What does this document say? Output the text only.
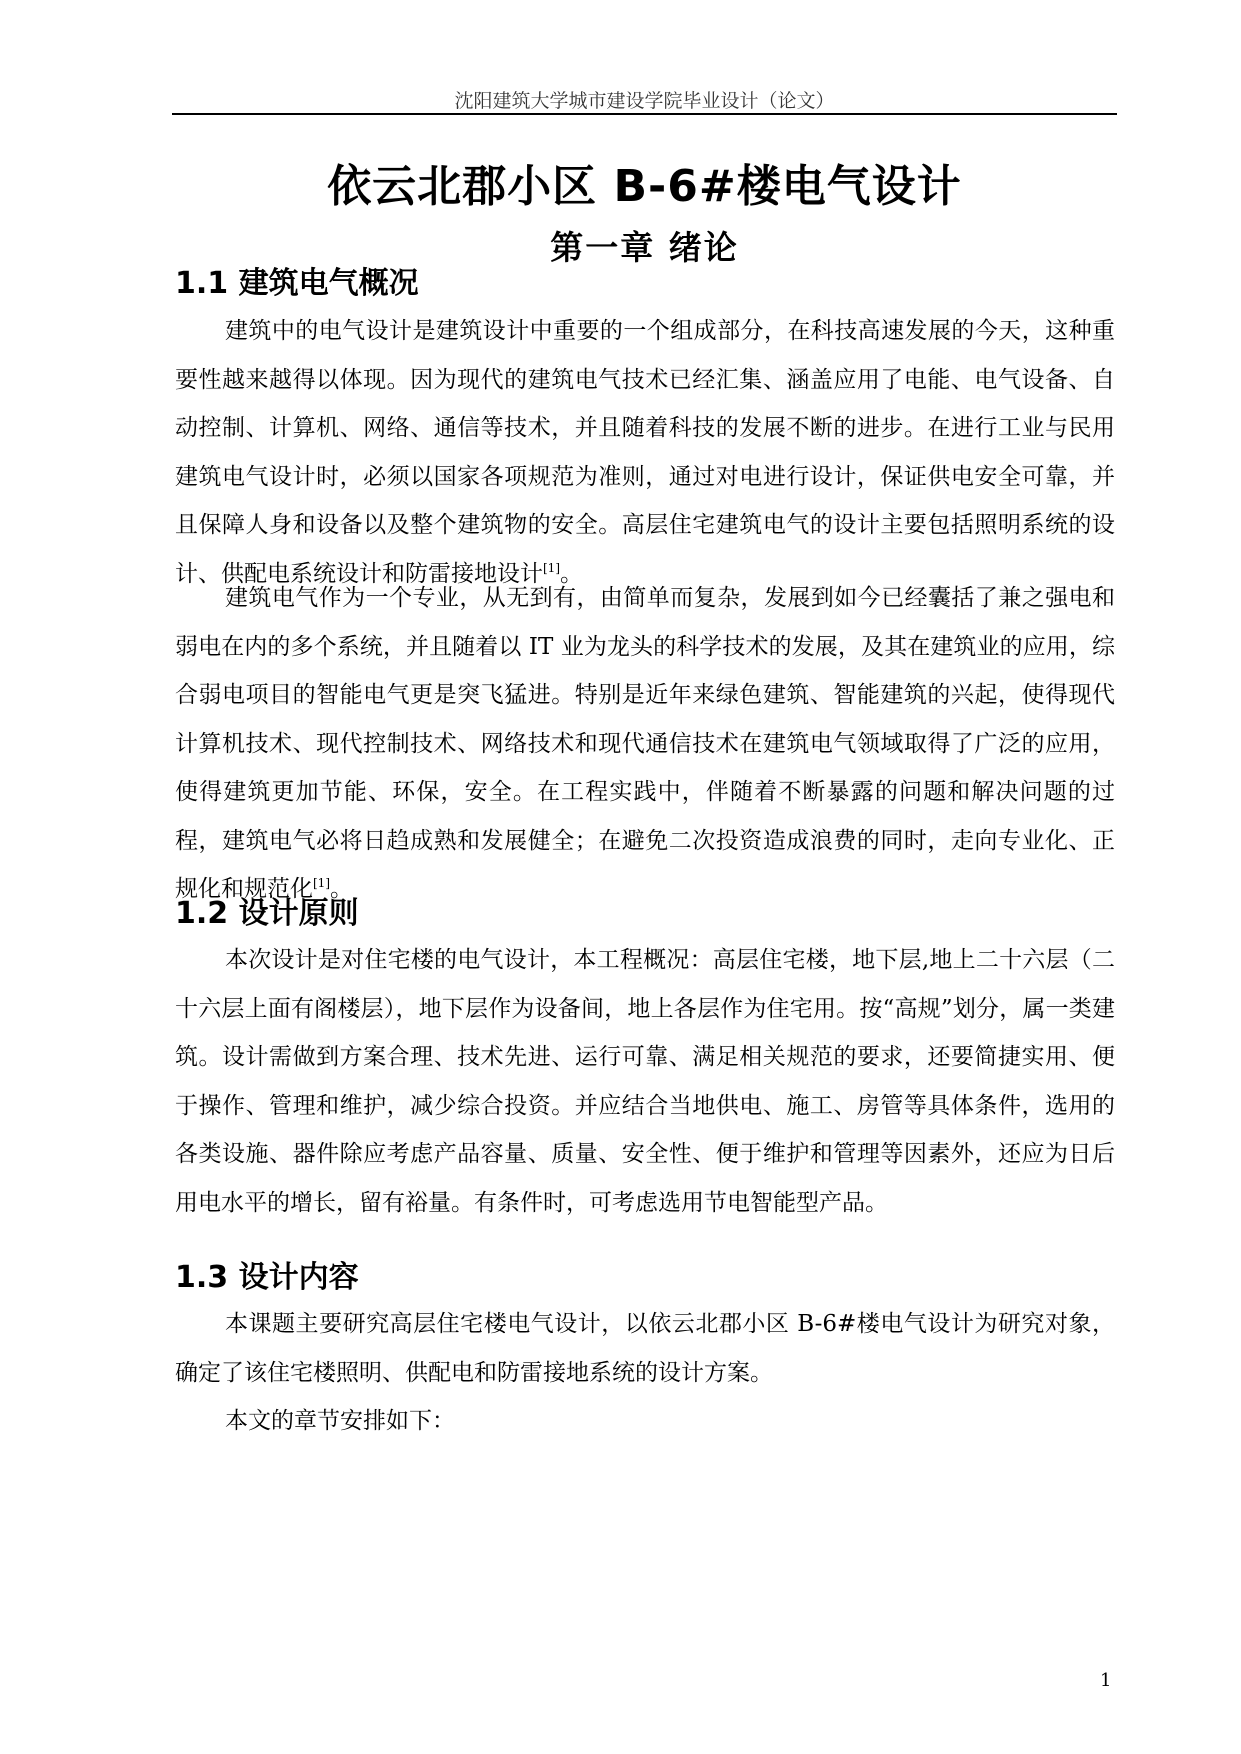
沈阳建筑大学城市建设学院毕业设计（论文）
依云北郡小区 B-6#楼电气设计
第一章 绪论
1.1 建筑电气概况

建筑中的电气设计是建筑设计中重要的一个组成部分，在科技高速发展的今天，这种重要性越来越得以体现。因为现代的建筑电气技术已经汇集、涵盖应用了电能、电气设备、自动控制、计算机、网络、通信等技术，并且随着科技的发展不断的进步。在进行工业与民用建筑电气设计时，必须以国家各项规范为准则，通过对电进行设计，保证供电安全可靠，并且保障人身和设备以及整个建筑物的安全。高层住宅建筑电气的设计主要包括照明系统的设计、供配电系统设计和防雷接地设计[1]。

建筑电气作为一个专业，从无到有，由简单而复杂，发展到如今已经囊括了兼之强电和弱电在内的多个系统，并且随着以 IT 业为龙头的科学技术的发展，及其在建筑业的应用，综合弱电项目的智能电气更是突飞猛进。特别是近年来绿色建筑、智能建筑的兴起，使得现代计算机技术、现代控制技术、网络技术和现代通信技术在建筑电气领域取得了广泛的应用，使得建筑更加节能、环保，安全。在工程实践中，伴随着不断暴露的问题和解决问题的过程，建筑电气必将日趋成熟和发展健全；在避免二次投资造成浪费的同时，走向专业化、正规化和规范化[1]。

1.2 设计原则

本次设计是对住宅楼的电气设计，本工程概况：高层住宅楼，地下层,地上二十六层（二十六层上面有阁楼层），地下层作为设备间，地上各层作为住宅用。按“高规”划分，属一类建筑。设计需做到方案合理、技术先进、运行可靠、满足相关规范的要求，还要简捷实用、便于操作、管理和维护，减少综合投资。并应结合当地供电、施工、房管等具体条件，选用的各类设施、器件除应考虑产品容量、质量、安全性、便于维护和管理等因素外，还应为日后用电水平的增长，留有裕量。有条件时，可考虑选用节电智能型产品。

1.3 设计内容

本课题主要研究高层住宅楼电气设计，以依云北郡小区 B-6#楼电气设计为研究对象，确定了该住宅楼照明、供配电和防雷接地系统的设计方案。

本文的章节安排如下：

1
